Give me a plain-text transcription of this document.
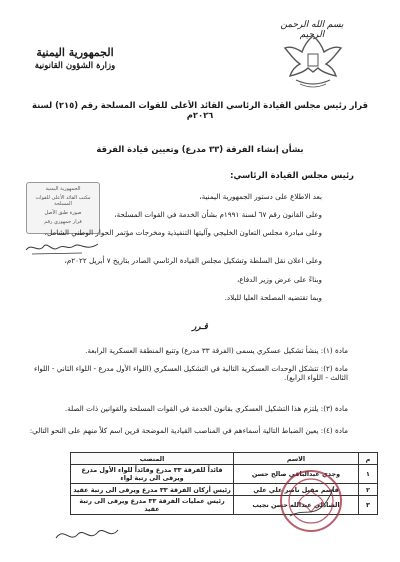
الجمهورية اليمنية
وزارة الشؤون القانونية
بسم الله الرحمن الرحيم
قرار رئيس مجلس القيادة الرئاسي القائد الأعلى للقوات المسلحة رقم (٢١٥) لسنة ٢٠٢٦م
بشأن إنشاء الفرقة (٣٣ مدرع) وتعيين قيادة الفرقة
الجمهورية اليمنية
مكتب القائد الأعلى للقوات المسلحة
صورة طبق الأصل
قرار جمهوري رقم
رئيس مجلس القيادة الرئاسي:
بعد الاطلاع على دستور الجمهورية اليمنية،
وعلى القانون رقم ٦٧ لسنة ١٩٩١م بشأن الخدمة في القوات المسلحة،
وعلى مبادرة مجلس التعاون الخليجي وآليتها التنفيذية ومخرجات مؤتمر الحوار الوطني الشامل،
وعلى اعلان نقل السلطة وتشكيل مجلس القيادة الرئاسي الصادر بتاريخ ٧ أبريل ٢٠٢٢م،
وبناءً على عرض وزير الدفاع،
وبما تقتضيه المصلحة العليا للبلاد.
قـرر
مادة (١): ينشأ تشكيل عسكري يسمى (الفرقة ٣٣ مدرع) وتتبع المنطقة العسكرية الرابعة.
مادة (٢): تتشكل الوحدات العسكرية التالية في التشكيل العسكري (اللواء الأول مدرع - اللواء الثاني - اللواء الثالث - اللواء الرابع).
مادة (٣): يلتزم هذا التشكيل العسكري بقانون الخدمة في القوات المسلحة والقوانين ذات الصلة.
مادة (٤): يعين الضباط التالية أسماءهم في المناصب القيادية الموضحة قرين اسم كلاً منهم على النحو التالي:
م	الاسم	المنصب
١	وجدي عبدالباقي صالح حسن	قائداً للفرقة ٣٣ مدرع وقائداً للواء الأول مدرع ويرقى الى رتبة لواء
٢	قاسم مقبل ناصر علي علي	رئيس أركان الفرقة ٣٣ مدرع ويرقى الى رتبة عقيد
٣	الشاذلي عبدالله حسن نجيب	رئيس عمليات الفرقة ٣٣ مدرع ويرقى الى رتبة عقيد
